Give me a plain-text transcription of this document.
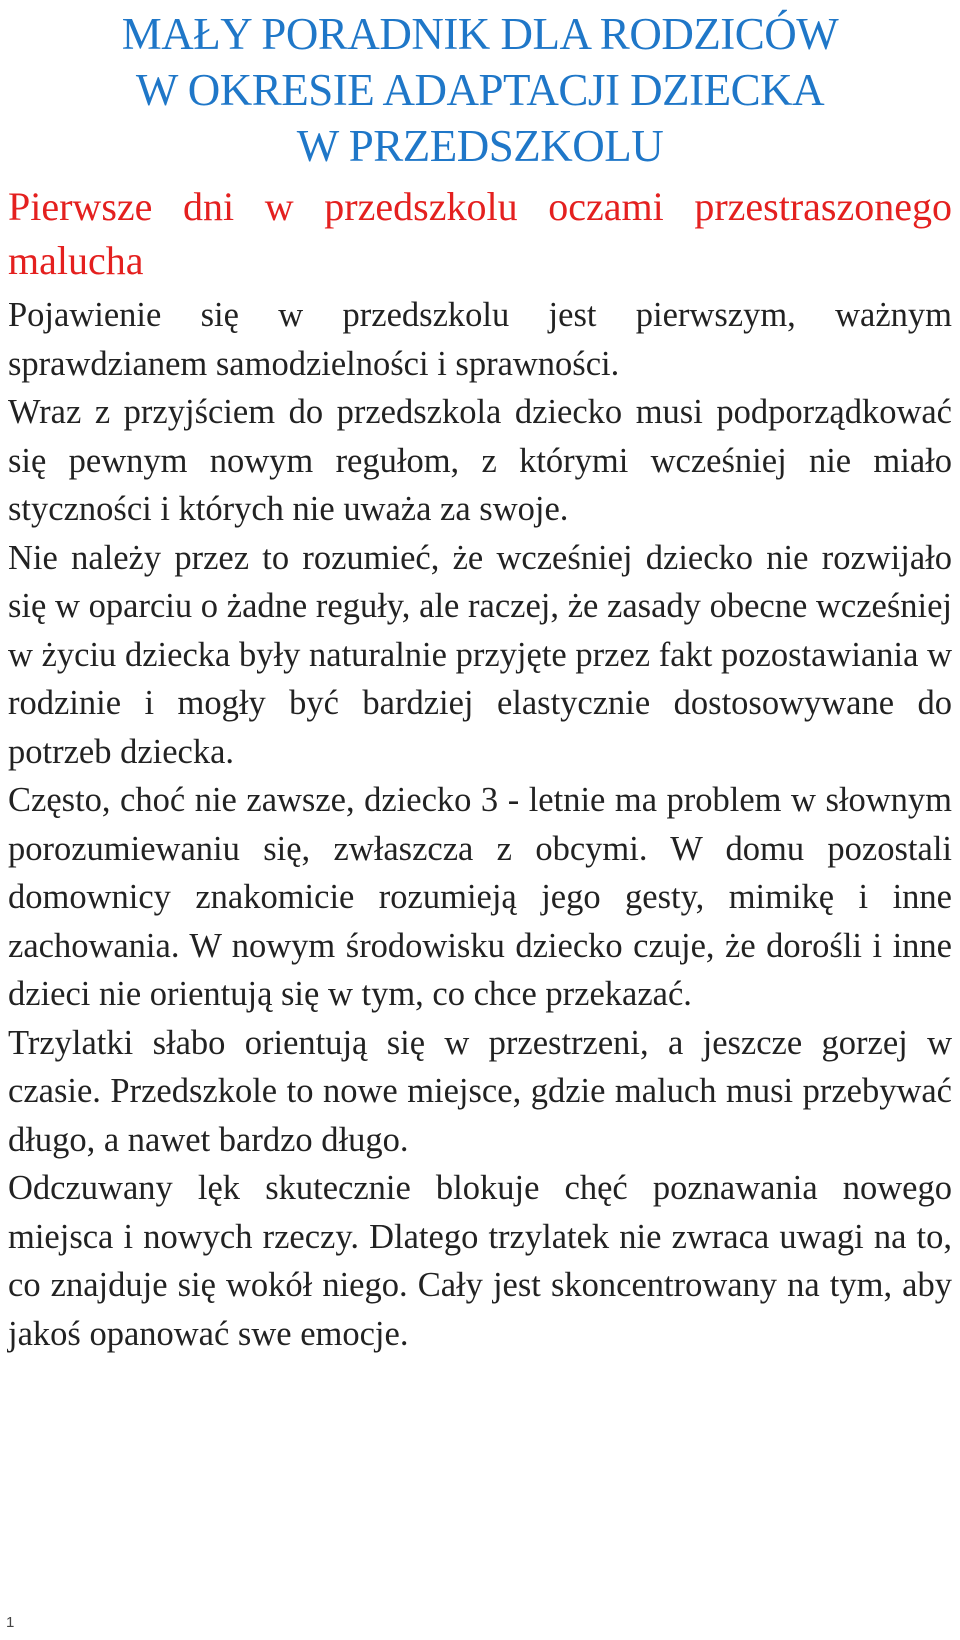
MAŁY PORADNIK DLA RODZICÓW
W OKRESIE ADAPTACJI DZIECKA
W PRZEDSZKOLU
Pierwsze dni w przedszkolu oczami przestraszonego malucha

Pojawienie się w przedszkolu jest pierwszym, ważnym sprawdzianem samodzielności i sprawności.

Wraz z przyjściem do przedszkola dziecko musi podporządkować się pewnym nowym regułom, z którymi wcześniej nie miało styczności i których nie uważa za swoje.

Nie należy przez to rozumieć, że wcześniej dziecko nie rozwijało się w oparciu o żadne reguły, ale raczej, że zasady obecne wcześniej w życiu dziecka były naturalnie przyjęte przez fakt pozostawiania w rodzinie i mogły być bardziej elastycznie dostosowywane do potrzeb dziecka.

Często, choć nie zawsze, dziecko 3 - letnie ma problem w słownym porozumiewaniu się, zwłaszcza z obcymi. W domu pozostali domownicy znakomicie rozumieją jego gesty, mimikę i inne zachowania. W nowym środowisku dziecko czuje, że dorośli i inne dzieci nie orientują się w tym, co chce przekazać.

Trzylatki słabo orientują się w przestrzeni, a jeszcze gorzej w czasie. Przedszkole to nowe miejsce, gdzie maluch musi przebywać długo, a nawet bardzo długo.

Odczuwany lęk skutecznie blokuje chęć poznawania nowego miejsca i nowych rzeczy. Dlatego trzylatek nie zwraca uwagi na to, co znajduje się wokół niego. Cały jest skoncentrowany na tym, aby jakoś opanować swe emocje.

1
